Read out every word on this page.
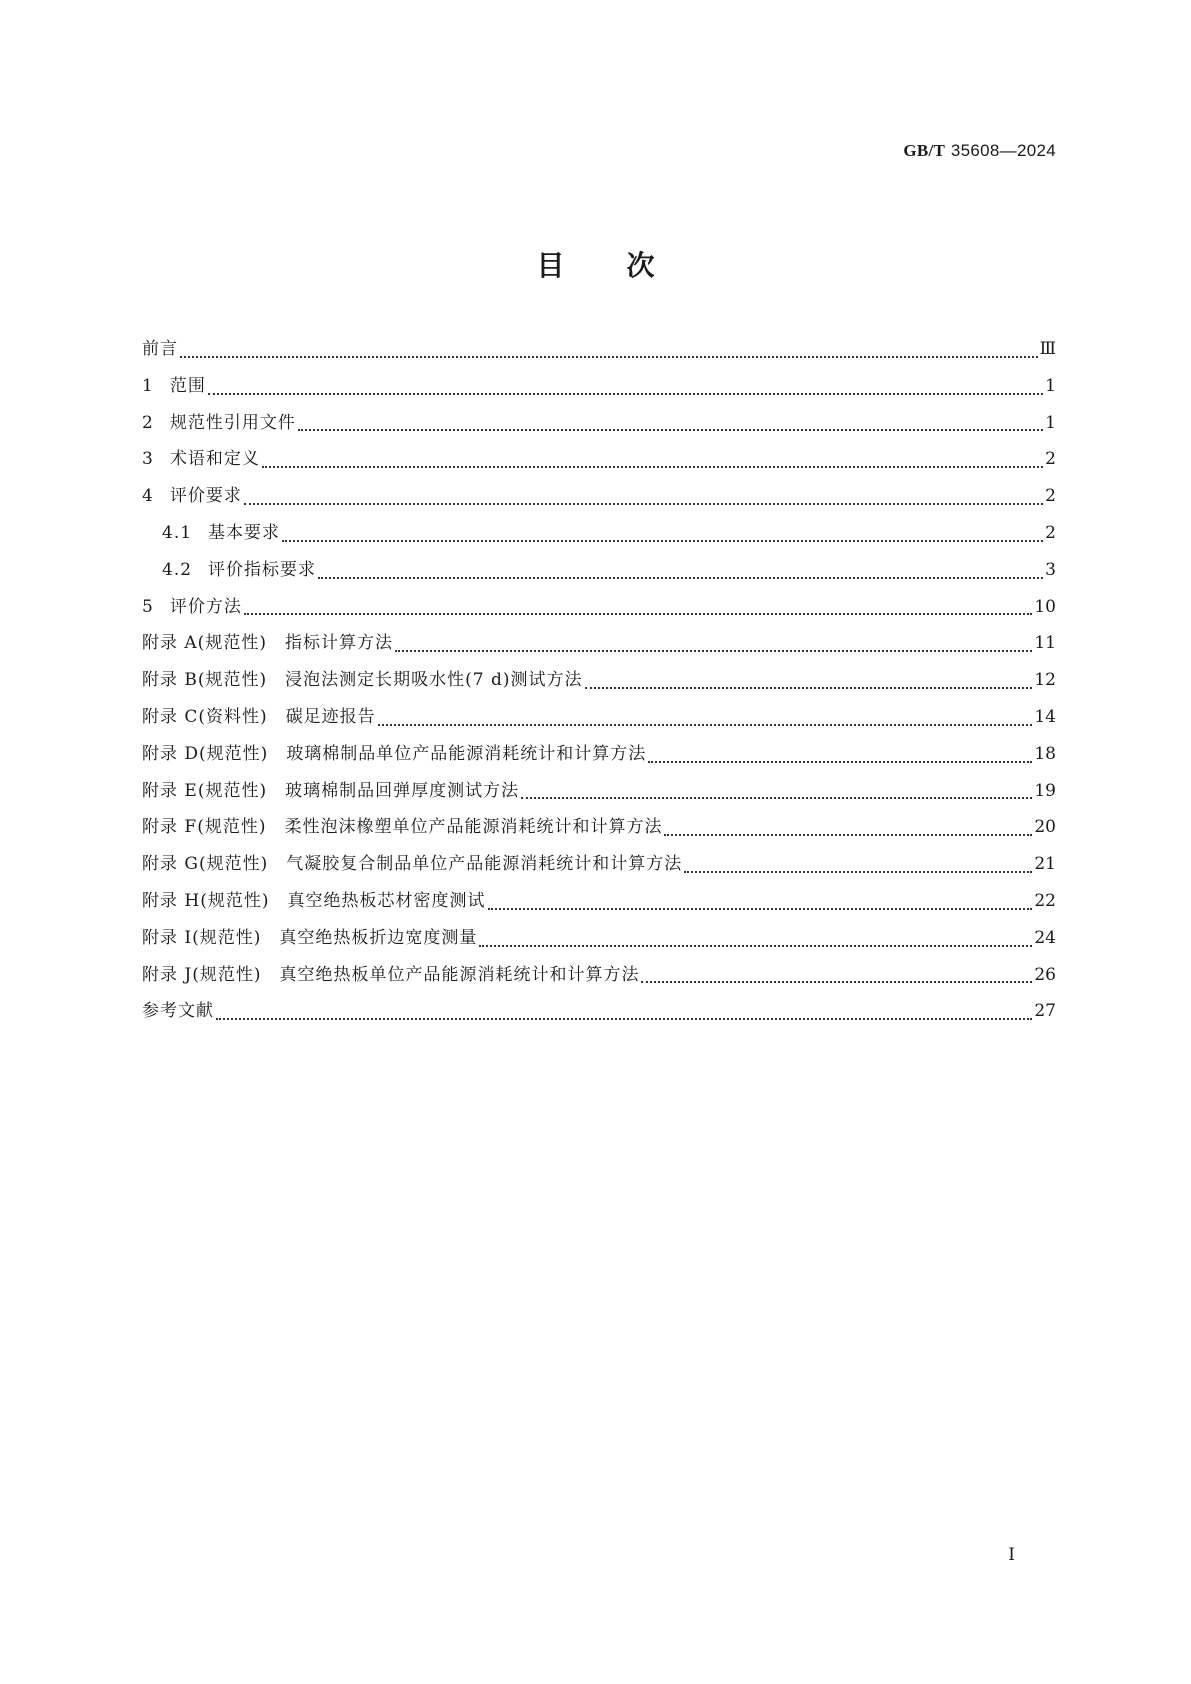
GB/T 35608—2024
目次
前言	Ⅲ
1 范围	1
2 规范性引用文件	1
3 术语和定义	2
4 评价要求	2
4.1 基本要求	2
4.2 评价指标要求	3
5 评价方法	10
附录 A(规范性)	指标计算方法	11
附录 B(规范性)	浸泡法测定长期吸水性(7 d)测试方法	12
附录 C(资料性)	碳足迹报告	14
附录 D(规范性)	玻璃棉制品单位产品能源消耗统计和计算方法	18
附录 E(规范性)	玻璃棉制品回弹厚度测试方法	19
附录 F(规范性)	柔性泡沫橡塑单位产品能源消耗统计和计算方法	20
附录 G(规范性)	气凝胶复合制品单位产品能源消耗统计和计算方法	21
附录 H(规范性)	真空绝热板芯材密度测试	22
附录 I(规范性)	真空绝热板折边宽度测量	24
附录 J(规范性)	真空绝热板单位产品能源消耗统计和计算方法	26
参考文献	27
I
